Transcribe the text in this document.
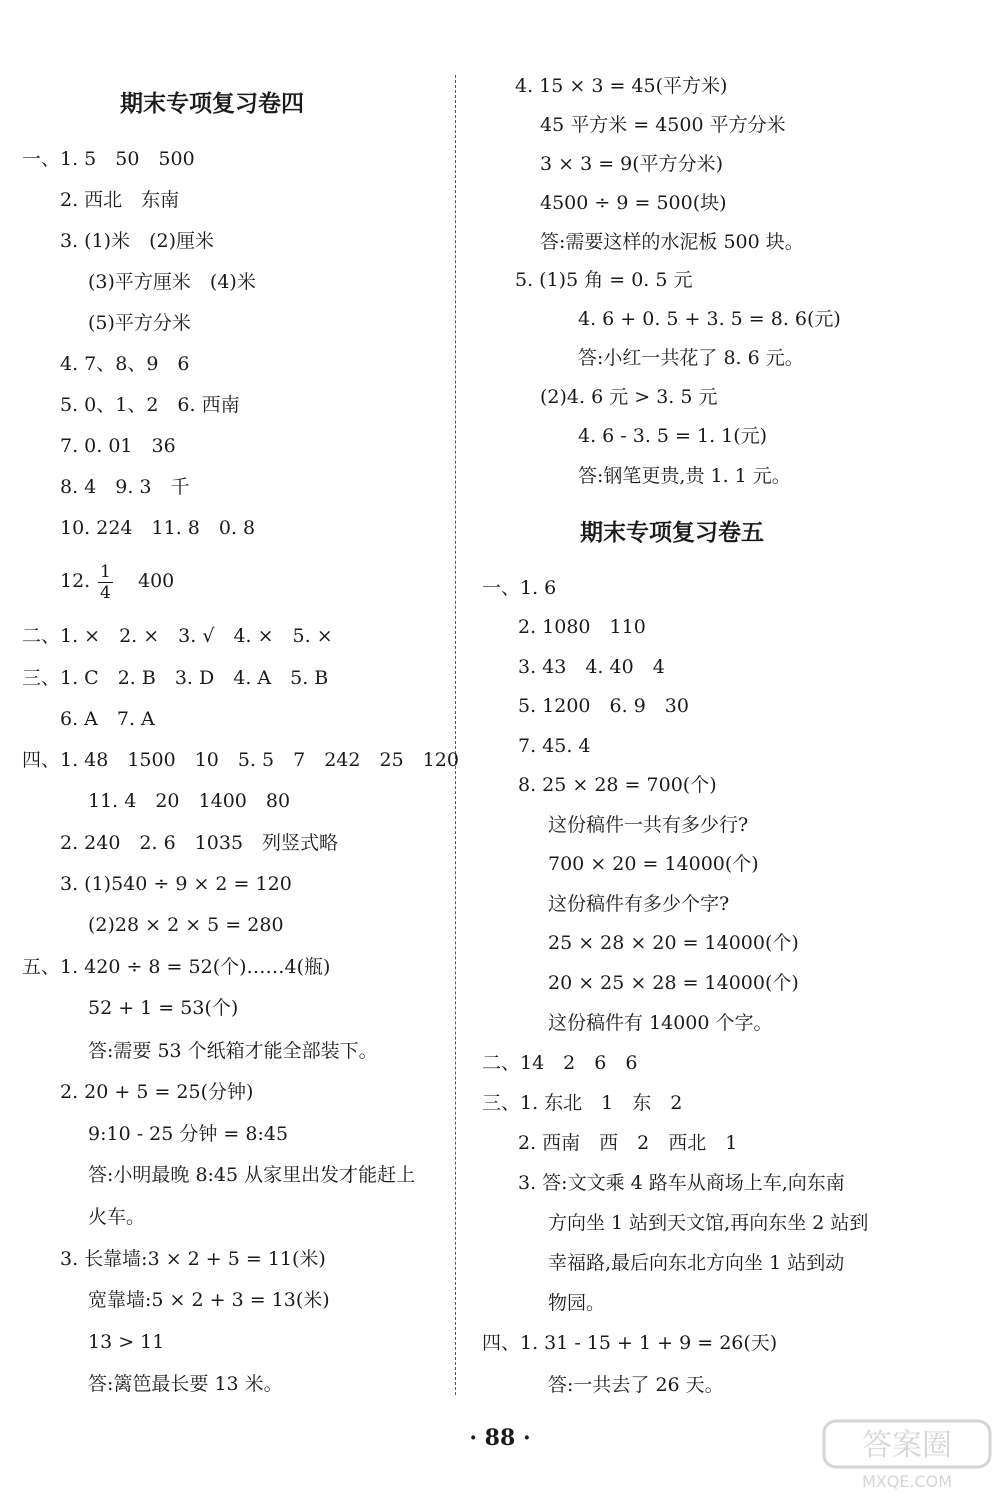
期末专项复习卷四
一、1. 5　50　500
2. 西北　东南
3. (1)米　(2)厘米
(3)平方厘米　(4)米
(5)平方分米
4. 7、8、9　6
5. 0、1、2　6. 西南
7. 0. 01　36
8. 4　9. 3　千
10. 224　11. 8　0. 8
12. $\frac{1}{4} 400$
二、1. ×　2. ×　3. √　4. ×　5. ×
三、1. C　2. B　3. D　4. A　5. B
6. A　7. A
四、1. 48　1500　10　5. 5　7　242　25　120
11. 4　20　1400　80
2. 240　2. 6　1035　列竖式略
3. (1)540 ÷ 9 × 2 = 120
(2)28 × 2 × 5 = 280
五、1. 420 ÷ 8 = 52(个)……4(瓶)
52 + 1 = 53(个)
答:需要 53 个纸箱才能全部装下。
2. 20 + 5 = 25(分钟)
9:10 - 25 分钟 = 8:45
答:小明最晚 8:45 从家里出发才能赶上
火车。
3. 长靠墙:3 × 2 + 5 = 11(米)
宽靠墙:5 × 2 + 3 = 13(米)
13 > 11
答:篱笆最长要 13 米。
4. 15 × 3 = 45(平方米)
45 平方米 = 4500 平方分米
3 × 3 = 9(平方分米)
4500 ÷ 9 = 500(块)
答:需要这样的水泥板 500 块。
5. (1)5 角 = 0. 5 元
4. 6 + 0. 5 + 3. 5 = 8. 6(元)
答:小红一共花了 8. 6 元。
(2)4. 6 元 > 3. 5 元
4. 6 - 3. 5 = 1. 1(元)
答:钢笔更贵,贵 1. 1 元。
期末专项复习卷五
一、1. 6
2. 1080　110
3. 43　4. 40　4
5. 1200　6. 9　30
7. 45. 4
8. 25 × 28 = 700(个)
这份稿件一共有多少行?
700 × 20 = 14000(个)
这份稿件有多少个字?
25 × 28 × 20 = 14000(个)
20 × 25 × 28 = 14000(个)
这份稿件有 14000 个字。
二、14　2　6　6
三、1. 东北　1　东　2
2. 西南　西　2　西北　1
3. 答:文文乘 4 路车从商场上车,向东南
方向坐 1 站到天文馆,再向东坐 2 站到
幸福路,最后向东北方向坐 1 站到动
物园。
四、1. 31 - 15 + 1 + 9 = 26(天)
答:一共去了 26 天。
· 88 ·	答案圈
MXQE.COM
